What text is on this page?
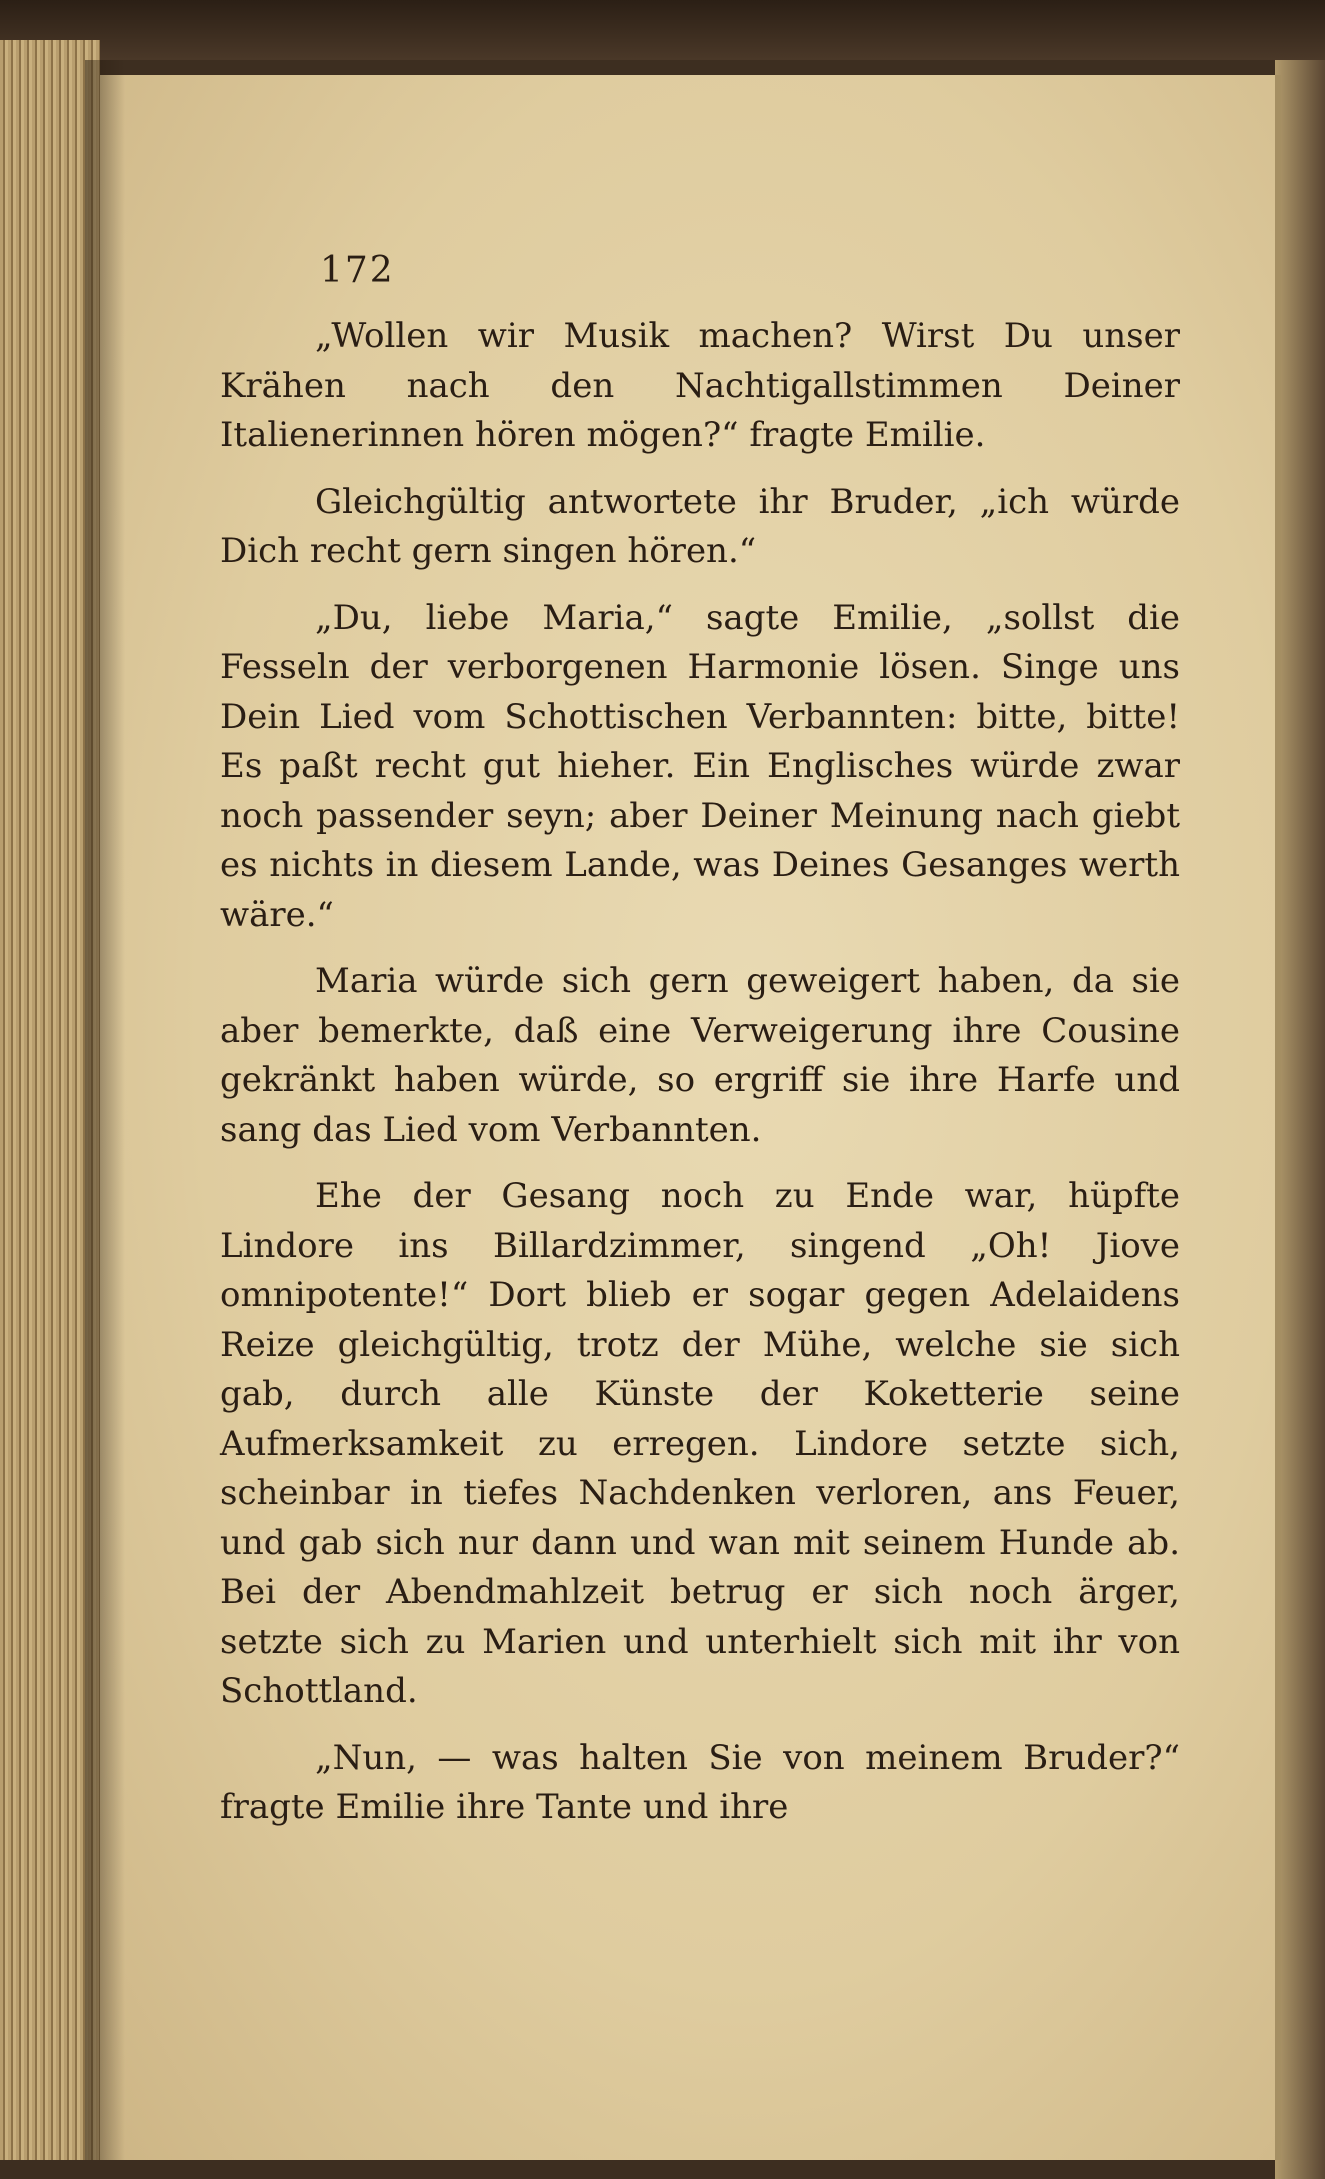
172

„Wollen wir Musik machen? Wirst Du unser Krähen nach den Nachtigallstimmen Deiner Italienerinnen hören mögen?“ fragte Emilie.

Gleichgültig antwortete ihr Bruder, „ich würde Dich recht gern singen hören.“

„Du, liebe Maria,“ sagte Emilie, „sollst die Fesseln der verborgenen Harmonie lösen. Singe uns Dein Lied vom Schottischen Verbannten: bitte, bitte! Es paßt recht gut hieher. Ein Englisches würde zwar noch passender seyn; aber Deiner Meinung nach giebt es nichts in diesem Lande, was Deines Gesanges werth wäre.“

Maria würde sich gern geweigert haben, da sie aber bemerkte, daß eine Verweigerung ihre Cousine gekränkt haben würde, so ergriff sie ihre Harfe und sang das Lied vom Verbannten.

Ehe der Gesang noch zu Ende war, hüpfte Lindore ins Billardzimmer, singend „Oh! Jiove omnipotente!“ Dort blieb er sogar gegen Adelaidens Reize gleichgültig, trotz der Mühe, welche sie sich gab, durch alle Künste der Koketterie seine Aufmerksamkeit zu erregen. Lindore setzte sich, scheinbar in tiefes Nachdenken verloren, ans Feuer, und gab sich nur dann und wan mit seinem Hunde ab. Bei der Abendmahlzeit betrug er sich noch ärger, setzte sich zu Marien und unterhielt sich mit ihr von Schottland.

„Nun, — was halten Sie von meinem Bruder?“ fragte Emilie ihre Tante und ihre
